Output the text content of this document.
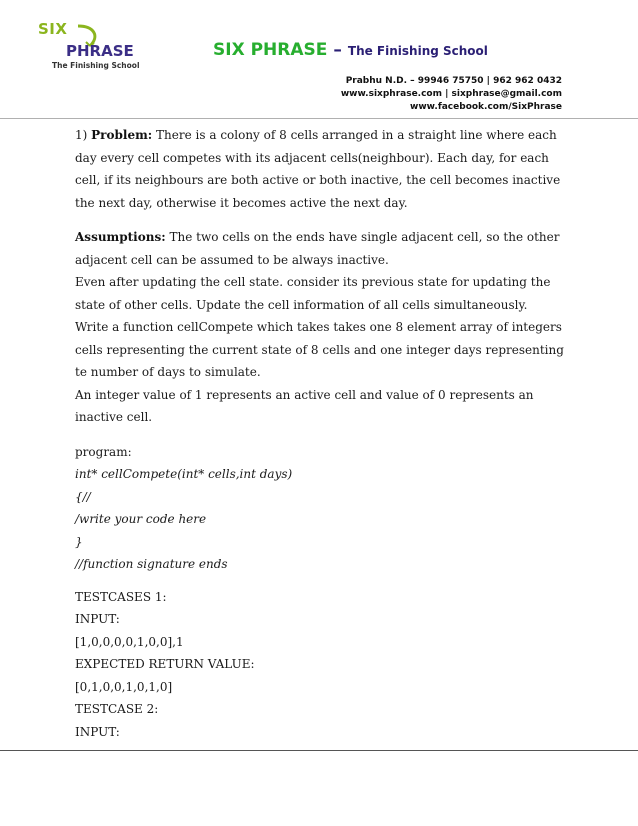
SIX
PHRASE
The Finishing School
SIX PHRASE – The Finishing School
Prabhu N.D. – 99946 75750 | 962 962 0432
www.sixphrase.com | sixphrase@gmail.com
www.facebook.com/SixPhrase

1) Problem: There is a colony of 8 cells arranged in a straight line where each day every cell competes with its adjacent cells(neighbour). Each day, for each cell, if its neighbours are both active or both inactive, the cell becomes inactive the next day, otherwise it becomes active the next day.

Assumptions: The two cells on the ends have single adjacent cell, so the other adjacent cell can be assumed to be always inactive.

Even after updating the cell state. consider its previous state for updating the state of other cells. Update the cell information of all cells simultaneously.

Write a function cellCompete which takes takes one 8 element array of integers cells representing the current state of 8 cells and one integer days representing te number of days to simulate.

An integer value of 1 represents an active cell and value of 0 represents an inactive cell.

program:

int* cellCompete(int* cells,int days)

{//

/write your code here

}

//function signature ends

TESTCASES 1:

INPUT:

[1,0,0,0,0,1,0,0],1

EXPECTED RETURN VALUE:

[0,1,0,0,1,0,1,0]

TESTCASE 2:

INPUT:
